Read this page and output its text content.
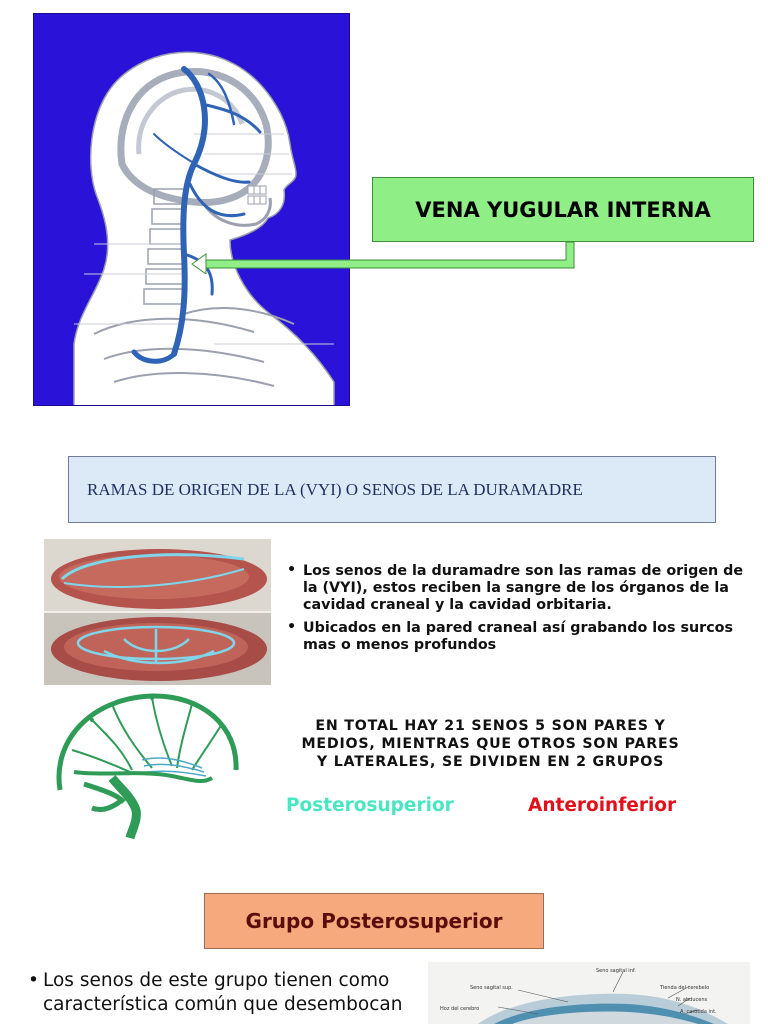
VENA YUGULAR INTERNA
RAMAS DE ORIGEN DE LA (VYI) O SENOS DE LA DURAMADRE
• Los senos de la duramadre son las ramas de origen de la (VYI), estos reciben la sangre de los órganos de la cavidad craneal y la cavidad orbitaria.
• Ubicados en la pared craneal así grabando los surcos mas o menos profundos
EN TOTAL HAY 21 SENOS 5 SON PARES Y MEDIOS, MIENTRAS QUE OTROS SON PARES Y LATERALES, SE DIVIDEN EN 2 GRUPOS
Posterosuperior	Anteroinferior
Grupo Posterosuperior
• Los senos de este grupo tienen como característica común que desembocan

Seno sagital sup.
Seno sagital inf.
Hoz del cerebro
Tienda del cerebelo
N. abducens
A. carótida int.
